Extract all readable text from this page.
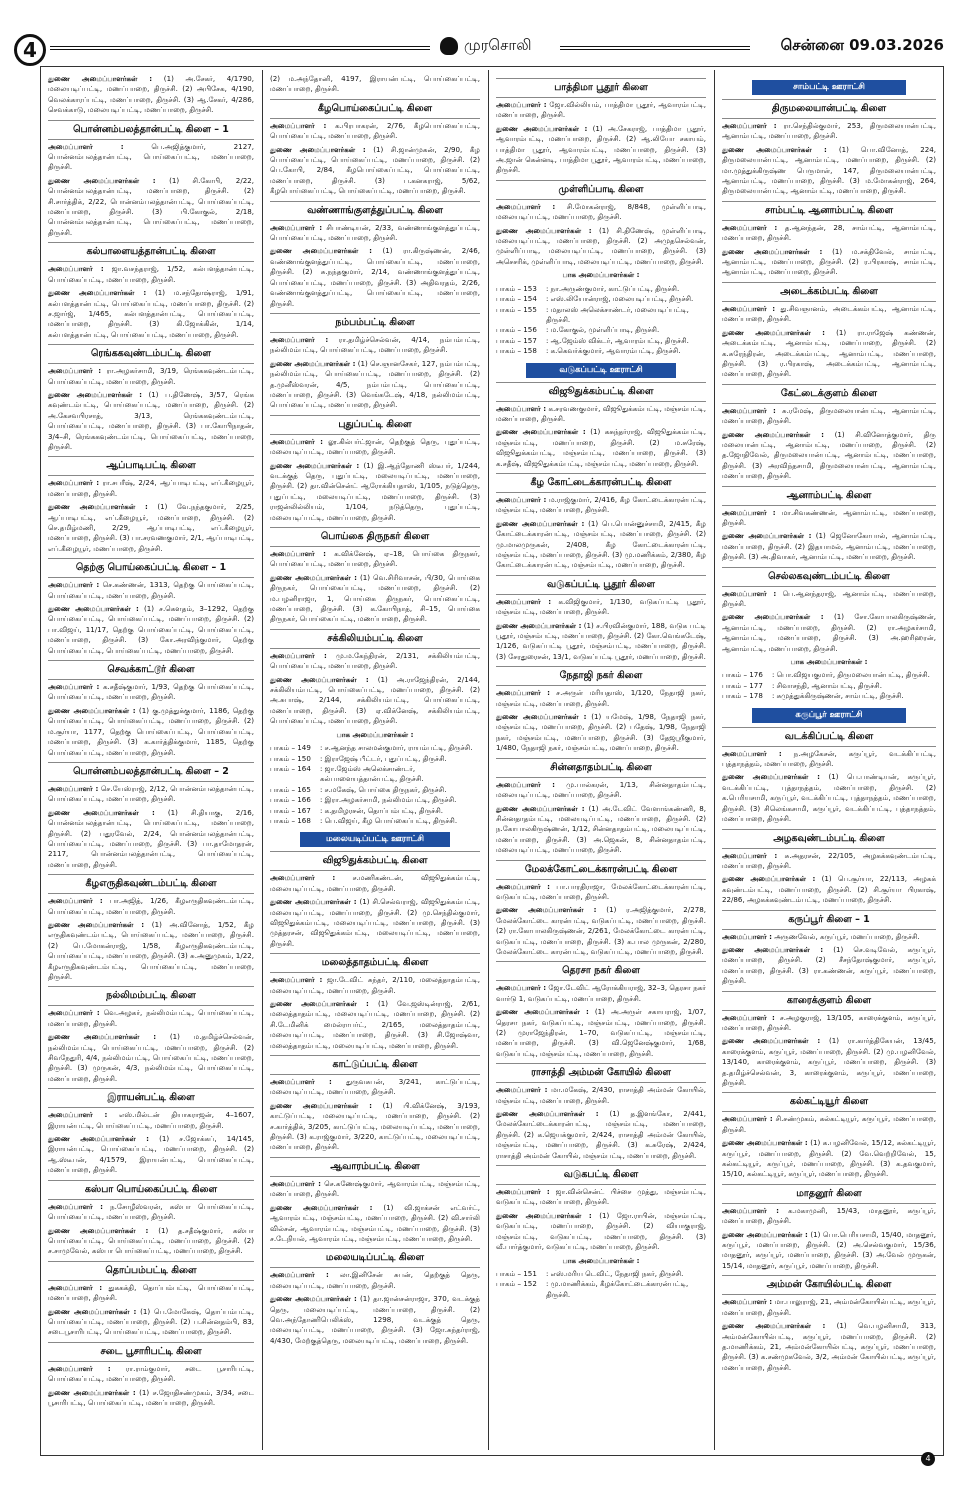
4	முரசொலி	சென்னை 09.03.2026
துணை அமைப்பாளர்கள் : (1) அ.சேகர், 4/1790, மலையடிப்பட்டி, மணப்பாறை, திருச்சி. (2) அபிசேக, 4/190, வெலக்காரப்பட்டி, மணப்பாறை, திருச்சி. (3) ஆ.சேகர், 4/286, செவக்காடு, மலையடிப்பட்டி, மணப்பாறை, திருச்சி.
பொன்னம்பலத்தான்பட்டி கிளை – 1
அமைப்பாளர் :	பெ.அஜித்குமார், 2127, பொன்னம்பலத்தான்பட்டி, பொய்கைப்பட்டி, மணப்பாறை, திருச்சி.
துணை அமைப்பாளர்கள் : (1) சி.கோபி, 2/22, பொன்னம்பலத்தான்பட்டி, மணப்பாறை, திருச்சி. (2) சி.சார்த்திக், 2/22, பொன்னம்பலத்தான்பட்டி, பொய்கைப்பட்டி, மணப்பாறை, திருச்சி. (3) பி.கோகுல், 2/18, பொன்னம்பலத்தான்பட்டி, பொய்கைப்பட்டி, மணப்பாறை, திருச்சி.
கல்பாளையத்தான்பட்டி கிளை
அமைப்பாளர் : ஜா.வசந்தராஜ், 1/52, கல்பளத்தான்பட்டி, பொய்கைப்பட்டி, மணப்பாறை, திருச்சி.
துணை அமைப்பாளர்கள் : (1) ம.சந்தோஷ்ராஜ், 1/91, கல்பளத்தான்பட்டி, பொய்கைப்பட்டி, மணப்பாறை, திருச்சி. (2) ச.ஜார்ஜ், 1/465, கல்பளத்தான்பட்டி, பொய்கைப்பட்டி, மணப்பாறை, திருச்சி. (3) கி.ஜோக்கின், 1/14, கல்பளத்தான்பட்டி, பொய்கைப்பட்டி, மணப்பாறை, திருச்சி.
ரெங்ககவுண்டம்பட்டி கிளை
அமைப்பாளர் : ரா.அழகர்சாமி, 3/19, ரெங்ககவுண்டம்பட்டி, பொய்கைப்பட்டி, மணப்பாறை, திருச்சி.
துணை அமைப்பாளர்கள் : (1) ப.திணேஷ், 3/57, ரெங்க கவுண்டம்பட்டி, பொய்கைப்பட்டி, மணப்பாறை, திருச்சி. (2) அ.கேசவபிரசாத், 3/13, ரெங்ககவுண்டம்பட்டி, பொய்கைப்பட்டி, மணப்பாறை, திருச்சி. (3) பா.கோபிநாதன், 3/4–சி, ரெங்ககவுண்டம்பட்டி, பொய்கைப்பட்டி, மணப்பாறை, திருச்சி.
ஆப்பாடிபட்டி கிளை
அமைப்பாளர் : ரா.சபரீஷ், 2/24, ஆப்பாடிபட்டி, எப்.கீழையூர், மணப்பாறை, திருச்சி.
துணை அமைப்பாளர்கள் : (1) வே.நந்தகுமார், 2/25, ஆப்பாடிபட்டி, எப்.கீழையூர், மணப்பாறை, திருச்சி. (2) செ.தமிழ்மணி, 2/29, ஆப்பாடிபட்டி, எப்.கீழையூர், மணப்பாறை, திருச்சி. (3) பா.சரவணகுமார், 2/1, ஆப்பாடிபட்டி, எப்.கீழையூர், மணப்பாறை, திருச்சி.
தெற்கு பொய்கைப்பட்டி கிளை – 1
அமைப்பாளர் : செ.கண்ணன், 1313, தெற்கு பொய்கைப்பட்டி, பொய்கைப்பட்டி, மணப்பாறை, திருச்சி.
துணை அமைப்பாளர்கள் : (1) ச.கௌதம், 3–1292, தெற்கு பொய்கைப்பட்டி, பொய்கைப்பட்டி, மணப்பாறை, திருச்சி. (2) பா.விஜய், 11/17, தெற்கு பொய்கைப்பட்டி, பொய்கைப்பட்டி, மணப்பாறை, திருச்சி. (3) கோ.அரவிந்குமார், தெற்கு பொய்கைப்பட்டி, பொய்கைப்பட்டி, மணப்பாறை, திருச்சி.
செவக்காட்டூர் கிளை
அமைப்பாளர் : க.சதீஷ்குமார், 1/93, தெற்கு பொய்கைப்பட்டி, பொய்கைப்பட்டி, மணப்பாறை, திருச்சி.
துணை அமைப்பாளர்கள் : (1) கு.முத்துக்குமார், 1186, தெற்கு பொய்கைப்பட்டி, பொய்கைப்பட்டி, மணப்பாறை, திருச்சி. (2) ம.சூர்யா, 1177, தெற்கு பொய்கைப்பட்டி, பொய்கைப்பட்டி, மணப்பாறை, திருச்சி. (3) க.கார்த்திக்குமார், 1185, தெற்கு பொய்கைப்பட்டி, மணப்பாறை, திருச்சி.
பொன்னம்பலத்தான்பட்டி கிளை – 2
அமைப்பாளர் : செ.யேஸ்ராஜ், 2/12, பொன்னம்பலத்தான்பட்டி, பொய்கைப்பட்டி, மணப்பாறை, திருச்சி.
துணை அமைப்பாளர்கள் : (1) சி.தியாகு, 2/16, பொன்னம்பலத்தான்பட்டி, பொய்கைப்பட்டி, மணப்பாறை, திருச்சி. (2) பதுரவேல், 2/24, பொன்னம்பலத்தான்பட்டி, பொய்கைப்பட்டி, மணப்பாறை, திருச்சி. (3) பா.தாமோதரன், 2117, பொன்னம்பலத்தான்பட்டி, பொய்கைப்பட்டி, மணப்பாறை, திருச்சி.
கீழஎருதிகவுண்டம்பட்டி கிளை
அமைப்பாளர் : பா.அஜித், 1/26, கீழஎருதிகவுண்டம்பட்டி, பொய்கைப்பட்டி, மணப்பாறை, திருச்சி.
துணை அமைப்பாளர்கள் : (1) அ.வினோத், 1/52, கீழ எருதிகவுண்டம்பட்டி, பொய்கைப்பட்டி, மணப்பாறை, திருச்சி. (2) பெ.மோகன்ராஜ், 1/58, கீழஎருதிகவுண்டம்பட்டி, பொய்கைப்பட்டி, மணப்பாறை, திருச்சி. (3) சு.அனுமுகம், 1/22, கீழஎருதிகவுண்டம்பட்டி, பொய்கைப்பட்டி, மணப்பாறை, திருச்சி.
நல்லிமம்பட்டி கிளை
அமைப்பாளர் : வெ.அழகர், நல்லிமம்பட்டி, பொய்கைப்பட்டி, மணப்பாறை, திருச்சி.
துணை அமைப்பாளர்கள் : (1) ம.தமிழ்ச்செல்வன், நல்லிமம்பட்டி, பொய்கைப்பட்டி, மணப்பாறை, திருச்சி. (2) சிவநேதுரி, 4/4, நல்லிமம்பட்டி, பொய்கைப்பட்டி, மணப்பாறை, திருச்சி. (3) முருகன், 4/3, நல்லிமம்பட்டி, பொய்கைப்பட்டி, மணப்பாறை, திருச்சி.
இராயன்பட்டி கிளை
அமைப்பாளர் : எஸ்.மில்டன் தியாகராஜன், 4–1607, இராயன்பட்டி, பொய்கைப்பட்டி, மணப்பாறை, திருச்சி.
துணை அமைப்பாளர்கள் : (1) ச.ஜோக்கப், 14/145, இராயன்பட்டி, பொய்கைப்பட்டி, மணப்பாறை, திருச்சி. (2) ஆ.ஸ்டீபன், 4/1579, இராயன்பட்டி, பொய்கைப்பட்டி, மணப்பாறை, திருச்சி.
கஸ்பா பொய்கைப்பட்டி கிளை
அமைப்பாளர் : ந.சோழீஸ்வரன், கஸ்பா பொய்கைப்பட்டி, பொய்கைப்பட்டி, மணப்பாறை, திருச்சி.
துணை அமைப்பாளர்கள் : (1) த.சதீஷ்குமார், கஸ்பா பொய்கைப்பட்டி, பொய்கைப்பட்டி, மணப்பாறை, திருச்சி. (2) ச.சாமுவேல், கஸ்பா பொய்கைப்பட்டி, மணப்பாறை, திருச்சி.
தொப்பம்பட்டி கிளை
அமைப்பாளர் : துககக்தி, தொப்பம்பட்டி, பொய்கைப்பட்டி, மணப்பாறை, திருச்சி.
துணை அமைப்பாளர்கள் : (1) பெ.மோகேஷ், தொப்பம்பட்டி, பொய்கைப்பட்டி, மணப்பாறை, திருச்சி. (2) ப.சின்னதம்பி, 83, சடைபூசாரிபட்டி, பொய்கைப்பட்டி, மணப்பாறை, திருச்சி.
சடை பூசாரிபட்டி கிளை
அமைப்பாளர் : ரா.ராம்குமார், சடை பூசாரிபட்டி, பொய்கைப்பட்டி, மணப்பாறை, திருச்சி.
துணை அமைப்பாளர்கள் : (1) ச.ஜோதிசண்முகம், 3/34, சடை பூசாரிபட்டி, பொய்கைப்பட்டி, மணப்பாறை, திருச்சி.
(2) ம.அந்தோனி, 4197, இராயன்பட்டி, பொய்கைப்பட்டி, மணப்பாறை, திருச்சி.
கீழபொய்கைப்பட்டி கிளை
அமைப்பாளர் : க.பிரபாகரன், 2/76, கீழபொய்கைப்பட்டி, பொய்கைப்பட்டி, மணப்பாறை, திருச்சி.
துணை அமைப்பாளர்கள் : (1) சி.ஜான்முகன், 2/90, கீழ பொய்கைப்பட்டி, பொய்கைப்பட்டி, மணப்பாறை, திருச்சி. (2) பெ.கோபி, 2/84, கீழபொய்கைப்பட்டி, பொய்கைப்பட்டி, மணப்பாறை, திருச்சி. (3) ப.கனகராஜ், 5/62, கீழபொய்கைப்பட்டி, பொய்கைப்பட்டி, மணப்பாறை, திருச்சி.
வண்ணாங்குளத்துப்பட்டி கிளை
அமைப்பாளர் : சிபாண்டியன், 2/33, வண்ணாங்குளத்துப்பட்டி, பொய்கைப்பட்டி, மணப்பாறை, திருச்சி.
துணை அமைப்பாளர்கள் : (1) ரா.கிருஷ்ணன், 2/46, வண்ணாங்குளத்துப்பட்டி, பொய்கைப்பட்டி, மணப்பாறை, திருச்சி. (2) சு.நந்தகுமார், 2/14, வண்ணாங்குளத்துப்பட்டி, பொய்கைப்பட்டி, மணப்பாறை, திருச்சி. (3) அதிவரதம், 2/26, வண்ணாங்குளத்துப்பட்டி, பொய்கைப்பட்டி, மணப்பாறை, திருச்சி.
நம்பம்பட்டி கிளை
அமைப்பாளர் : ரா.தமிழ்ச்செல்வன், 4/14, நம்பம்பட்டி, நல்லிமம்பட்டி, பொய்கைப்பட்டி, மணப்பாறை, திருச்சி.
துணை அமைப்பாளர்கள் : (1) செ.ஞானசேகர், 127, நம்பம்பட்டி, நல்லிமம்பட்டி, பொய்கைப்பட்டி, மணப்பாறை, திருச்சி. (2) த.முனீஸ்வரன், 4/5, நம்பம்பட்டி, பொய்கைப்பட்டி, மணப்பாறை, திருச்சி. (3) வெங்கடேஷ், 4/18, நல்லிமம்பட்டி, பொய்கைப்பட்டி, மணப்பாறை, திருச்சி.
புதுப்பட்டி கிளை
அமைப்பாளர் : லூ.கில்பர்ட்ஜான், தெற்குத் தெரு, புதுப்பட்டி, மலையடிப்பட்டி, மணப்பாறை, திருச்சி.
துணை அமைப்பாளர்கள் : (1) இ.ஆந்தோணி ஸ்டீபர், 1/244, வடக்குத் தெரு, புதுப்பட்டி, மலையடிப்பட்டி, மணப்பாறை, திருச்சி. (2) தா.வின்சென்ட் ஆரோக்கியதாஸ், 1/105, நடுத்தெரு, புதுப்பட்டி, மலையடிப்பட்டி, மணப்பாறை, திருச்சி. (3) ராஜன்லில்லியம், 1/104, நடுத்தெரு, புதுப்பட்டி, மலையடிப்பட்டி, மணப்பாறை, திருச்சி.
பொய்கை திருநகர் கிளை
அமைப்பாளர் : க.விக்னேஷ், ஏ–18, பொய்கை திருநகர், பொய்கைப்பட்டி, மணப்பாறை, திருச்சி.
துணை அமைப்பாளர்கள் : (1) வெ.சிரிவாசன், பி/30, பொய்கை திருநகர், பொய்கைப்பட்டி, மணப்பாறை, திருச்சி. (2) ம.பழனிராஜா, 1, பொய்கை திருநகர், பொய்கைப்பட்டி, மணப்பாறை, திருச்சி. (3) க.கோபிநாத், சி–15, பொய்கை திருநகர், பொய்கைப்பட்டி, மணப்பாறை, திருச்சி.
சக்கிலியம்பட்டி கிளை
அமைப்பாளர் : மு.ம.கேந்திரன், 2/131, சக்கிலியம்பட்டி, பொய்கைப்பட்டி, மணப்பாறை, திருச்சி.
துணை அமைப்பாளர்கள் : (1) அ.ராஜேந்திரன், 2/144, சக்கிலியம்பட்டி, பொய்கைப்பட்டி, மணப்பாறை, திருச்சி. (2) அ.சுபாஷ், 2/144, சக்கிலியம்பட்டி, பொய்கைப்பட்டி, மணப்பாறை, திருச்சி. (3) ஏ.விக்னேஷ், சக்கிலியம்பட்டி, பொய்கைப்பட்டி, மணப்பாறை, திருச்சி.
பாக அமைப்பாளர்கள் :
பாகம் – 149 : ச.ஆனந்த சாலமன்குமார், ராயம்பட்டி, திருச்சி.
பாகம் – 150 : இராஜேஷ் பீட்டர், புதுப்பட்டி, திருச்சி.
பாகம் – 164 : ஜா.ஜேம்ஸ் அலெக்சாண்டர், கல்பாளையத்தான்பட்டி, திருச்சி.
பாகம் – 165 : ச.மகேஷ், பொய்கை திருநகர், திருச்சி.
பாகம் – 166 : இரா.அழகர்சாமி, நல்லிமம்பட்டி, திருச்சி.
பாகம் – 167 : க.தமிழரசன், தொப்பம்பட்டி, திருச்சி.
பாகம் – 168 : பெ.விஜய், கீழ பொய்கைப்பட்டி, திருச்சி.
மலையடிப்பட்டி ஊராட்சி
விஜூதுக்கம்பட்டி கிளை
அமைப்பாளர் : ச.மணிகண்டன், விஜூதுக்கம்பட்டி, மலையடிப்பட்டி, மணப்பாறை, திருச்சி.
துணை அமைப்பாளர்கள் : (1) சி.செல்வராஜ், விஜூதுக்கம்பட்டி, மலையடிப்பட்டி, மணப்பாறை, திருச்சி. (2) மு.செந்தில்குமார், விஜூதுக்கம்பட்டி, மலையடிப்பட்டி, மணப்பாறை, திருச்சி. (3) முத்தரசன், விஜூதுக்கம்பட்டி, மலையடிப்பட்டி, மணப்பாறை, திருச்சி.
மலைத்தாதம்பட்டி கிளை
அமைப்பாளர் : ஜா.டேவிட் சுந்தர், 2/110, மலைத்தாதம்பட்டி, மலையடிப்பட்டி, மணப்பாறை, திருச்சி.
துணை அமைப்பாளர்கள் : (1) வே.ஜஸ்டின்ராஜ், 2/61, மலைத்தாதம்பட்டி, மலையடிப்பட்டி, மணப்பாறை, திருச்சி. (2) சி.டேமினிக் மைல்ராபர்ட், 2/165, மலைத்தாதம்பட்டி, மலையடிப்பட்டி, மணப்பாறை, திருச்சி. (3) சி.ஜோஷ்வா, மலைத்தாதம்பட்டி, மலையடிப்பட்டி, மணப்பாறை, திருச்சி.
காட்டுப்பட்டி கிளை
அமைப்பாளர் : துருவசுபன், 3/241, காட்டுப்பட்டி, மலையடிப்பட்டி, மணப்பாறை, திருச்சி.
துணை அமைப்பாளர்கள் : (1) பி.விக்னேஷ், 3/193, காட்டுப்பட்டி, மலையடிப்பட்டி, மணப்பாறை, திருச்சி. (2) ச.கார்த்திக், 3/205, காட்டுப்பட்டி, மலையடிப்பட்டி, மணப்பாறை, திருச்சி. (3) க.ராஜ்குமார், 3/220, காட்டுப்பட்டி, மலையடிப்பட்டி, மணப்பாறை, திருச்சி.
ஆவாரம்பட்டி கிளை
அமைப்பாளர் : செ.கணேஷ்குமார், ஆவாரம்பட்டி, மஞ்சம்பட்டி, மணப்பாறை, திருச்சி.
துணை அமைப்பாளர்கள் : (1) வி.ஜாக்சன் எட்வர்ட், ஆவாரம்பட்டி, மஞ்சம்பட்டி, மணப்பாறை, திருச்சி. (2) வி.சார்லி வில்சன், ஆவாரம்பட்டி, மஞ்சம்பட்டி, மணப்பாறை, திருச்சி. (3) ச.டேநியல், ஆவாரம்பட்டி, மஞ்சம்பட்டி, மணப்பாறை, திருச்சி.
மலையடிப்பட்டி கிளை
அமைப்பாளர் : லா.இனிசேன் சுபன், தெற்குத் தெரு, மலையடிப்பட்டி, மணப்பாறை, திருச்சி.
துணை அமைப்பாளர்கள் : (1) தா.ஜான்சன்ராஜா, 370, வடக்குத் தெரு, மலையடிப்பட்டி, மணப்பாறை, திருச்சி. (2) வெ.அந்தோணிபெலிக்ஸ், 1298, வடக்குத் தெரு, மலையடிப்பட்டி, மணப்பாறை, திருச்சி. (3) ஜோ.சுந்தர்ராஜ், 4/430, மேற்குத்தெரு, மலையடிப்பட்டி, மணப்பாறை, திருச்சி.
பாத்திமா பூதூர் கிளை
அமைப்பாளர் : ஜோ.வில்லியம், பாத்திமா பூதூர், ஆவாரம்பட்டி, மணப்பாறை, திருச்சி.
துணை அமைப்பாளர்கள் : (1) அ.சேகராஜ், பாத்திமா பூதூர், ஆவாரம்பட்டி, மணப்பாறை, திருச்சி. (2) ஆ.லியோ சகாயம், பாத்திமா பூதூர், ஆவாரம்பட்டி, மணப்பாறை, திருச்சி. (3) அ.ஜான் கென்னடி, பாத்திமா பூதூர், ஆவாரம்பட்டி, மணப்பாறை, திருச்சி.
முள்ளிப்பாடி கிளை
அமைப்பாளர் : சி.மோகன்ராஜ், 8/848, முள்ளிப்பாடி, மலையடிப்பட்டி, மணப்பாறை, திருச்சி.
துணை அமைப்பாளர்கள் : (1) சி.திணேஷ், முள்ளிப்பாடி, மலையடிப்பட்டி, மணப்பாறை, திருச்சி. (2) அமுதசெல்வன், முள்ளிப்பாடி, மலையடிப்பட்டி, மணப்பாறை, திருச்சி. (3) அசெசரிக், முள்ளிப்பாடி, மலையடிப்பட்டி, மணப்பாறை, திருச்சி.
பாக அமைப்பாளர்கள் :
பாகம் – 153 : நா.அருண்குமார், காட்டுப்பட்டி, திருச்சி.
பாகம் – 154 : எஸ்.லியோன்ராஜ், மலையடிப்பட்டி, திருச்சி.
பாகம் – 155 : மதாலஸ் அலெக்சாண்டர், மலையடிப்பட்டி, திருச்சி.
பாகம் – 156 : ம.கோகுல், முள்ளிப்பாடி, திருச்சி.
பாகம் – 157 : ஆ.ஜேம்ஸ் விக்டர், ஆவாரம்பட்டி, திருச்சி.
பாகம் – 158 : க.கெவர்க்குமார், ஆவாரம்பட்டி, திருச்சி.
வடுகப்பட்டி ஊராட்சி
விஜூதுக்கம்பட்டி கிளை
அமைப்பாளர் : க.சரவணகுமார், விஜூதுக்கம்பட்டி, மஞ்சம்பட்டி, மணப்பாறை, திருச்சி.
துணை அமைப்பாளர்கள் : (1) கசுந்தர்ராஜ், விஜூதுக்கம்பட்டி, மஞ்சம்பட்டி, மணப்பாறை, திருச்சி. (2) ம.சுரேஷ், விஜூதுக்கம்பட்டி, மஞ்சம்பட்டி, மணப்பாறை, திருச்சி. (3) க.சதீஷ், விஜூதுக்கம்பட்டி, மஞ்சம்பட்டி, மணப்பாறை, திருச்சி.
கீழ கோட்டைக்காரன்பட்டி கிளை
அமைப்பாளர் : ம.ராஜ்குமார், 2/416, கீழ கோட்டைக்காரன்பட்டி, மஞ்சம்பட்டி, மணப்பாறை, திருச்சி.
துணை அமைப்பாளர்கள் : (1) பெ.பொன்னுச்சாமி, 2/415, கீழ கோட்டைக்காரன்பட்டி, மஞ்சம்பட்டி, மணப்பாறை, திருச்சி. (2) மு.மாலமுருகன், 2/408, கீழ கோட்டைக்காரன்பட்டி, மஞ்சம்பட்டி, மணப்பாறை, திருச்சி. (3) மு.மணிக்கம், 2/380, கீழ கோட்டைக்காரன்பட்டி, மஞ்சம்பட்டி, மணப்பாறை, திருச்சி.
வடுகப்பட்டி பூதூர் கிளை
அமைப்பாளர் : க.விஜிகுமார், 1/130, வடுகப்பட்டி பூதூர், மஞ்சம்பட்டி, மணப்பாறை, திருச்சி.
துணை அமைப்பாளர்கள் : (1) ச.பிரவின்குமார், 188, வடுக பட்டி பூதூர், மஞ்சம்பட்டி, மணப்பாறை, திருச்சி. (2) கோ.வெங்கடேஷ், 1/126, வடுகப்பட்டி பூதூர், மஞ்சம்பட்டி, மணப்பாறை, திருச்சி. (3) சேரதுரைசன், 13/1, வடுகப்பட்டி பூதூர், மணப்பாறை, திருச்சி.
நேதாஜி நகர் கிளை
அமைப்பாளர் : ச.அருள் மரியதாஸ், 1/120, நேதாஜி நகர், மஞ்சம்பட்டி, மணப்பாறை, திருச்சி.
துணை அமைப்பாளர்கள் : (1) யமேஷ், 1/98, நேதாஜி நகர், மஞ்சம்பட்டி, மணப்பாறை, திருச்சி. (2) பதேஷ், 1/98, நேதாஜி நகர், மஞ்சம்பட்டி, மணப்பாறை, திருச்சி. (3) தேஜஸ்ரீகுமார், 1/480, நேதாஜி நகர், மஞ்சம்பட்டி, மணப்பாறை, திருச்சி.
சின்னதாதம்பட்டி கிளை
அமைப்பாளர் : மு.பால்கரன், 1/13, சின்னதாதம்பட்டி, மலையடிப்பட்டி, மணப்பாறை, திருச்சி.
துணை அமைப்பாளர்கள் : (1) அ.டேவிட் வேளாங்கண்ணி, 8, சின்னதாதம்பட்டி, மலையடிப்பட்டி, மணப்பாறை, திருச்சி. (2) ந.கோபாலகிருஷ்ணன், 1/12, சின்னதாதம்பட்டி, மலையடிப்பட்டி, மணப்பாறை, திருச்சி. (3) அ.ஜெகன், 8, சின்னதாதம்பட்டி, மலையடிப்பட்டி, மணப்பாறை, திருச்சி.
மேலக்கோட்டைக்காரன்பட்டி கிளை
அமைப்பாளர் : பா.பாரதிராஜா, மேலக்கோட்டைக்காரன்பட்டி, வடுகப்பட்டி, மணப்பாறை, திருச்சி.
துணை அமைப்பாளர்கள் : (1) ர.அஜித்குமார், 2/278, மேலக்கோட்டை காரன்பட்டி, வடுகப்பட்டி, மணப்பாறை, திருச்சி. (2) ரா.கோபாலகிருஷ்ணன், 2/261, மேலக்கோட்டை காரன்பட்டி, வடுகப்பட்டி, மணப்பாறை, திருச்சி. (3) க.பால முருகன், 2/280, மேலக்கோட்டை காரன்பட்டி, வடுகப்பட்டி, மணப்பாறை, திருச்சி.
தெரசா நகர் கிளை
அமைப்பாளர் : ஜோ.டேவிட் ஆரோக்கியராஜ், 32–3, தெரசா நகர் வார்டு 1, வடுகப்பட்டி, மணப்பாறை, திருச்சி.
துணை அமைப்பாளர்கள் : (1) அ.அருள் சகாயராஜ், 1/07, தெரசா நகர், வடுகப்பட்டி, மஞ்சம்பட்டி, மணப்பாறை, திருச்சி. (2) முராஜேந்திரன், 1–70, வடுகப்பட்டி, மஞ்சம்பட்டி, மணப்பாறை, திருச்சி. (3) வி.ஜெனேஷ்குமார், 1/68, வடுகப்பட்டி, மஞ்சம்பட்டி, மணப்பாறை, திருச்சி.
ராசாத்தி அம்மன் கோயில் கிளை
அமைப்பாளர் : மா.மகேஷ், 2/430, ராசாத்தி அம்மன் கோயில், மஞ்சம்பட்டி, மணப்பாறை, திருச்சி.
துணை அமைப்பாளர்கள் : (1) த.இளங்கோ, 2/441, மேலக்கோட்டைக்காரன்பட்டி, மஞ்சம்பட்டி, மணப்பாறை, திருச்சி. (2) க.ஜெயக்குமார், 2/424, ராசாத்தி அம்மன் கோயில், மஞ்சம்பட்டி, மணப்பாறை, திருச்சி. (3) க.சுரேஷ், 2/424, ராசாத்தி அம்மன் கோயில், மஞ்சம்பட்டி, மணப்பாறை, திருச்சி.
வடுகபட்டி கிளை
அமைப்பாளர் : ஜா.வின்சென்ட் பிச்சை முத்து, மஞ்சம்பட்டி, வடுகப்பட்டி, மணப்பாறை, திருச்சி.
துணை அமைப்பாளர்கள் : (1) ஜோ.ராபின், மஞ்சம்பட்டி, வடுகப்பட்டி, மணப்பாறை, திருச்சி. (2) வியாகுராஜ், மஞ்சம்பட்டி, வடுகப்பட்டி, மணப்பாறை, திருச்சி. (3) வீ.பார்த்குமார், வடுகப்பட்டி, மணப்பாறை, திருச்சி.
பாக அமைப்பாளர்கள் :
பாகம் – 151 : எஸ்.மரிய டெவிட், நேதாஜி நகர், திருச்சி.
பாகம் – 152 : மு.மாணிக்கம், கீழக்கோட்டைக்காரன்பட்டி, திருச்சி.
சாம்பட்டி ஊராட்சி
திருமலையான்பட்டி கிளை
அமைப்பாளர் : ரா.செந்தில்குமார், 253, திருமலையான்பட்டி, ஆனாம்பட்டி, மணப்பாறை, திருச்சி.
துணை அமைப்பாளர்கள் : (1) பொ.வினோத், 224, திருமலையான்பட்டி, ஆனாம்பட்டி, மணப்பாறை, திருச்சி. (2) மா.முத்துக்கிருஷ்ண பெருமாள், 147, திருமலையான்பட்டி, ஆனாம்பட்டி, மணப்பாறை, திருச்சி. (3) ம.மோகன்ராஜ், 264, திருமலையான்பட்டி, ஆனாம்பட்டி, மணப்பாறை, திருச்சி.
சாம்பட்டி ஆனாம்பட்டி கிளை
அமைப்பாளர் : த.ஆனந்தன், 28, சாம்பட்டி, ஆனாம்பட்டி, மணப்பாறை, திருச்சி.
துணை அமைப்பாளர்கள் : (1) ம.சக்திவேல், சாம்பட்டி, ஆனாம்பட்டி, மணப்பாறை, திருச்சி. (2) ர.பிரகாஷ், சாம்பட்டி, ஆனாம்பட்டி, மணப்பாறை, திருச்சி.
அடைக்கம்பட்டி கிளை
அமைப்பாளர் : து.சிவஞானம், அடைக்கம்பட்டி, ஆனாம்பட்டி, மணப்பாறை, திருச்சி.
துணை அமைப்பாளர்கள் : (1) ரா.ராஜேஷ் கண்ணன், அடைக்கம்பட்டி, ஆனாம்பட்டி, மணப்பாறை, திருச்சி. (2) க.சுரேந்திரன், அடைக்கம்பட்டி, ஆனாம்பட்டி, மணப்பாறை, திருச்சி. (3) ர.பிரகாஷ், அடைக்கம்பட்டி, ஆனாம்பட்டி, மணப்பாறை, திருச்சி.
கேட்டைக்குளம் கிளை
அமைப்பாளர் : சு.ரமேஷ், திருமலையான்பட்டி, ஆனாம்பட்டி, மணப்பாறை, திருச்சி.
துணை அமைப்பாளர்கள் : (1) சி.வினோத்குமார், திரு மலையான்பட்டி, ஆனாம்பட்டி, மணப்பாறை, திருச்சி. (2) த.ஜோதிவேல், திருமலையான்பட்டி, ஆனாம்பட்டி, மணப்பாறை, திருச்சி. (3) அரவிந்தசாமி, திருமலையான்பட்டி, ஆனாம்பட்டி, மணப்பாறை, திருச்சி.
ஆனாம்பட்டி கிளை
அமைப்பாளர் : மா.சிவகண்ணன், ஆனாம்பட்டி, மணப்பாறை, திருச்சி.
துணை அமைப்பாளர்கள் : (1) ஜெனோகோபால், ஆனாம்பட்டி, மணப்பாறை, திருச்சி. (2) இதயாமல், ஆனாம்பட்டி, மணப்பாறை, திருச்சி. (3) அ.திவாகர், ஆனாம்பட்டி, மணப்பாறை, திருச்சி.
செல்லகவுண்டம்பட்டி கிளை
அமைப்பாளர் : பெ.ஆனந்தராஜ், ஆனாம்பட்டி, மணப்பாறை, திருச்சி.
துணை அமைப்பாளர்கள் : (1) சோ.கோபாலகிருஷ்ணன், ஆனாம்பட்டி, மணப்பாறை, திருச்சி. (2) ரா.அழகர்சாமி, ஆனாம்பட்டி, மணப்பாறை, திருச்சி. (3) அ.ஹரிஹரன், ஆனாம்பட்டி, மணப்பாறை, திருச்சி.
பாக அமைப்பாளர்கள் :
பாகம் – 176 : பொ.விஜயகுமார், திருமலையான்பட்டி, திருச்சி.
பாகம் – 177 : சிவாசந்தி, ஆனாம்பட்டி, திருச்சி.
பாகம் – 178 : சுமுத்துக்கிருஷ்ணன், சாம்பட்டி, திருச்சி.
கருப்பூர் ஊராட்சி
வடக்கிப்பட்டி கிளை
அமைப்பாளர் : ந.அழகேசன், கருப்பூர், வடக்கிப்பட்டி, புத்தாநத்தம், மணப்பாறை, திருச்சி.
துணை அமைப்பாளர்கள் : (1) பெ.பாண்டியன், கருப்பூர், வடக்கிப்பட்டி, புத்தாநத்தம், மணப்பாறை, திருச்சி. (2) க.பெரியசாமி, கருப்பூர், வடக்கிப்பட்டி, புத்தாநத்தம், மணப்பாறை, திருச்சி. (3) சிலெங்கசாமி, கருப்பூர், வடக்கிப்பட்டி, புத்தாநத்தம், மணப்பாறை, திருச்சி.
அழகவுண்டம்பட்டி கிளை
அமைப்பாளர் : சு.அதரசன், 22/105, அழகக்கவுண்டம்பட்டி, மணப்பாறை, திருச்சி.
துணை அமைப்பாளர்கள் : (1) பெ.சூர்யா, 22/113, அழகக் கவுண்டம்பட்டி, மணப்பாறை, திருச்சி. (2) சி.சூர்யா பிரகாஷ், 22/86, அழகக்கவுண்டம்பட்டி, மணப்பாறை, திருச்சி.
கருப்பூர் கிளை – 1
அமைப்பாளர் : அருணவேல், கருப்பூர், மணப்பாறை, திருச்சி.
துணை அமைப்பாளர்கள் : (1) செ.வடிவேல், கருப்பூர், மணப்பாறை, திருச்சி. (2) சீசந்தோஷ்குமார், கருப்பூர், மணப்பாறை, திருச்சி. (3) ரா.கண்ணன், கருப்பூர், மணப்பாறை, திருச்சி.
காரைக்குளம் கிளை
அமைப்பாளர் : ச.அழகுராஜ், 13/105, காரைக்குளம், கருப்பூர், மணப்பாறை, திருச்சி.
துணை அமைப்பாளர்கள் : (1) ரா.கார்த்திகேயன், 13/45, காரைக்குளம், கருப்பூர், மணப்பாறை, திருச்சி. (2) மு.பழனிவேல், 13/140, காரைக்குளம், கருப்பூர், மணப்பாறை, திருச்சி. (3) த.தமிழ்ச்செல்வன், 3, காரைக்குளம், கருப்பூர், மணப்பாறை, திருச்சி.
கல்கட்டியூர் கிளை
அமைப்பாளர் : சி.சண்முகம், கல்கட்டியூர், கருப்பூர், மணப்பாறை, திருச்சி.
துணை அமைப்பாளர்கள் : (1) க.பழனிவேல், 15/12, கல்கட்டியூர், கருப்பூர், மணப்பாறை, திருச்சி. (2) வே.வெற்றிவேல், 15, கல்கட்டியூர், கருப்பூர், மணப்பாறை, திருச்சி. (3) க.தவகுமார், 15/10, கல்கட்டியூர், கருப்பூர், மணப்பாறை, திருச்சி.
மாதனூர் கிளை
அமைப்பாளர் : க.மகாமுனி, 15/43, மாதனூர், கருப்பூர், மணப்பாறை, திருச்சி.
துணை அமைப்பாளர்கள் : (1) பொ.பெரியசாமி, 15/40, மாதனூர், கருப்பூர், மணப்பாறை, திருச்சி. (2) அ.செல்வகுமார், 15/36, மாதனூர், கருப்பூர், மணப்பாறை, திருச்சி. (3) அ.வேல் முருகன், 15/14, மாதனூர், கருப்பூர், மணப்பாறை, திருச்சி.
அம்மன் கோயில்பட்டி கிளை
அமைப்பாளர் : மா.பாலுராஜ், 21, அம்மன்கோயில்பட்டி, கருப்பூர், மணப்பாறை, திருச்சி.
துணை அமைப்பாளர்கள் : (1) வெ.பழனிசாமி, 313, அம்மன்கோயில்பட்டி, கருப்பூர், மணப்பாறை, திருச்சி. (2) த.மாணிக்கம், 21, அம்மன்கோயில்பட்டி, கருப்பூர், மணப்பாறை, திருச்சி. (3) க.சண்முகவேல், 3/2, அம்மன் கோயில்பட்டி, கருப்பூர், மணப்பாறை, திருச்சி.
4
